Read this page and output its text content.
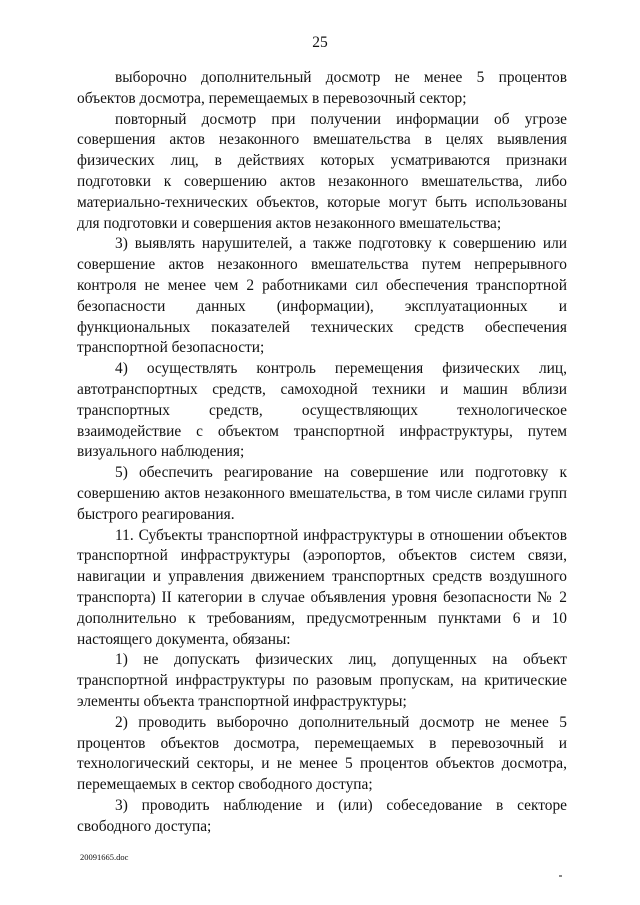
25

выборочно дополнительный досмотр не менее 5 процентов объектов досмотра, перемещаемых в перевозочный сектор;

повторный досмотр при получении информации об угрозе совершения актов незаконного вмешательства в целях выявления физических лиц, в действиях которых усматриваются признаки подготовки к совершению актов незаконного вмешательства, либо материально-технических объектов, которые могут быть использованы для подготовки и совершения актов незаконного вмешательства;

3) выявлять нарушителей, а также подготовку к совершению или совершение актов незаконного вмешательства путем непрерывного контроля не менее чем 2 работниками сил обеспечения транспортной безопасности данных (информации), эксплуатационных и функциональных показателей технических средств обеспечения транспортной безопасности;

4) осуществлять контроль перемещения физических лиц, автотранспортных средств, самоходной техники и машин вблизи транспортных средств, осуществляющих технологическое взаимодействие с объектом транспортной инфраструктуры, путем визуального наблюдения;

5) обеспечить реагирование на совершение или подготовку к совершению актов незаконного вмешательства, в том числе силами групп быстрого реагирования.

11. Субъекты транспортной инфраструктуры в отношении объектов транспортной инфраструктуры (аэропортов, объектов систем связи, навигации и управления движением транспортных средств воздушного транспорта) II категории в случае объявления уровня безопасности № 2 дополнительно к требованиям, предусмотренным пунктами 6 и 10 настоящего документа, обязаны:

1) не допускать физических лиц, допущенных на объект транспортной инфраструктуры по разовым пропускам, на критические элементы объекта транспортной инфраструктуры;

2) проводить выборочно дополнительный досмотр не менее 5 процентов объектов досмотра, перемещаемых в перевозочный и технологический секторы, и не менее 5 процентов объектов досмотра, перемещаемых в сектор свободного доступа;

3) проводить наблюдение и (или) собеседование в секторе свободного доступа;

20091665.doc
